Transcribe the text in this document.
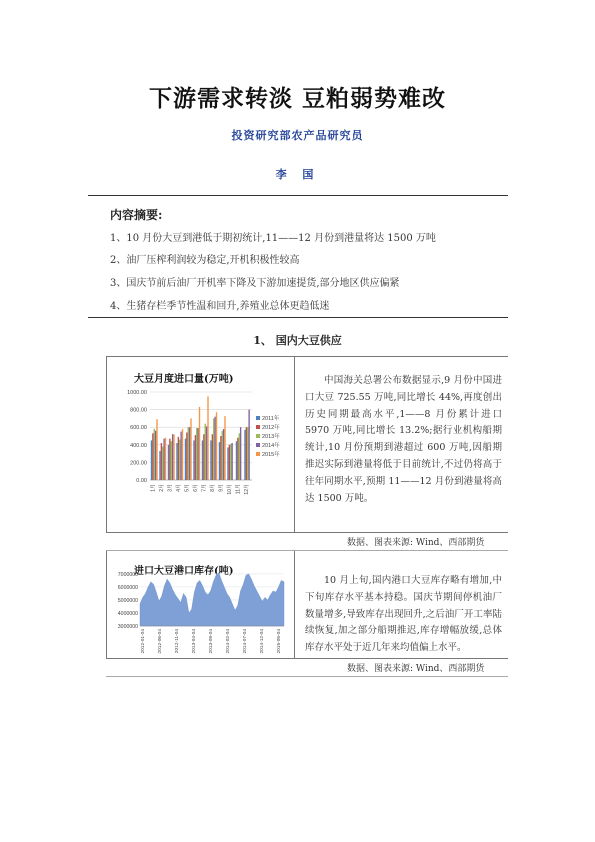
下游需求转淡 豆粕弱势难改
投资研究部农产品研究员
李 国
内容摘要:
1、10 月份大豆到港低于期初统计,11——12 月份到港量将达 1500 万吨
2、油厂压榨利润较为稳定,开机积极性较高
3、国庆节前后油厂开机率下降及下游加速提货,部分地区供应偏紧
4、生猪存栏季节性温和回升,养殖业总体更趋低迷
1、 国内大豆供应
大豆月度进口量(万吨)
0.00
200.00
400.00
600.00
800.00
1000.00
1月 2月 3月 4月 5月 6月 7月 8月 9月 10月 11月 12月
2011年
2012年
2013年
2014年
2015年

中国海关总署公布数据显示,9 月份中国进口大豆 725.55 万吨,同比增长 44%,再度创出历史同期最高水平,1——8 月份累计进口 5970 万吨,同比增长 13.2%;据行业机构船期统计,10 月份预期到港超过 600 万吨,因船期推迟实际到港量将低于目前统计,不过仍将高于往年同期水平,预期 11——12 月份到港量将高达 1500 万吨。

数据、图表来源: Wind、西部期货
进口大豆港口库存(吨)
3000000
4000000
5000000
6000000
7000000
2012-01-04	2012-06-04	2012-11-04	2013-04-04	2013-09-04	2014-02-04	2014-07-04	2014-12-04	2015-05-04

10 月上旬,国内港口大豆库存略有增加,中下旬库存水平基本持稳。国庆节期间停机油厂数量增多,导致库存出现回升,之后油厂开工率陆续恢复,加之部分船期推迟,库存增幅放缓,总体库存水平处于近几年来均值偏上水平。

数据、图表来源: Wind、西部期货
